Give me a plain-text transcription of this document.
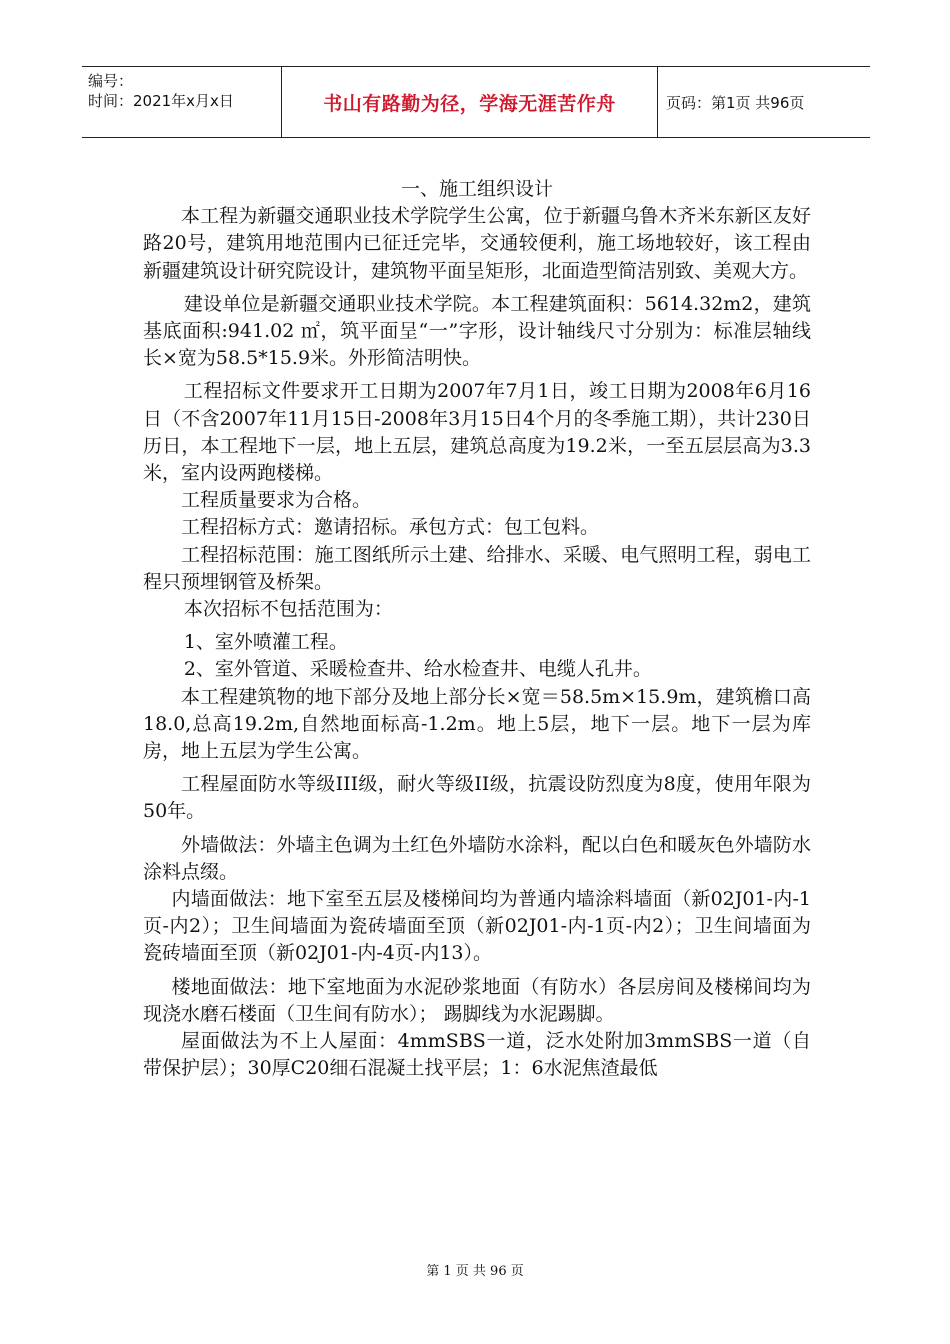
编号：
时间：2021年x月x日	书山有路勤为径，学海无涯苦作舟	页码：第1页 共96页

一、施工组织设计

本工程为新疆交通职业技术学院学生公寓，位于新疆乌鲁木齐米东新区友好路20号，建筑用地范围内已征迁完毕，交通较便利，施工场地较好，该工程由新疆建筑设计研究院设计，建筑物平面呈矩形，北面造型简洁别致、美观大方。

建设单位是新疆交通职业技术学院。本工程建筑面积：5614.32m2，建筑基底面积:941.02 ㎡，筑平面呈“一”字形，设计轴线尺寸分别为：标准层轴线长×宽为58.5*15.9米。外形简洁明快。

工程招标文件要求开工日期为2007年7月1日，竣工日期为2008年6月16日（不含2007年11月15日-2008年3月15日4个月的冬季施工期），共计230日历日，本工程地下一层，地上五层，建筑总高度为19.2米，一至五层层高为3.3米，室内设两跑楼梯。

工程质量要求为合格。

工程招标方式：邀请招标。承包方式：包工包料。

工程招标范围：施工图纸所示土建、给排水、采暖、电气照明工程，弱电工程只预埋钢管及桥架。

本次招标不包括范围为：

1、室外喷灌工程。

2、室外管道、采暖检查井、给水检查井、电缆人孔井。

本工程建筑物的地下部分及地上部分长×宽＝58.5m×15.9m，建筑檐口高18.0,总高19.2m,自然地面标高-1.2m。地上5层，地下一层。地下一层为库房，地上五层为学生公寓。

工程屋面防水等级III级，耐火等级II级，抗震设防烈度为8度，使用年限为50年。

外墙做法：外墙主色调为土红色外墙防水涂料，配以白色和暖灰色外墙防水涂料点缀。

内墙面做法：地下室至五层及楼梯间均为普通内墙涂料墙面（新02J01-内-1页-内2）；卫生间墙面为瓷砖墙面至顶（新02J01-内-1页-内2）；卫生间墙面为瓷砖墙面至顶（新02J01-内-4页-内13）。

楼地面做法：地下室地面为水泥砂浆地面（有防水）各层房间及楼梯间均为现浇水磨石楼面（卫生间有防水）； 踢脚线为水泥踢脚。

屋面做法为不上人屋面：4mmSBS一道，泛水处附加3mmSBS一道（自带保护层）；30厚C20细石混凝土找平层；1：6水泥焦渣最低

第 1 页 共 96 页
